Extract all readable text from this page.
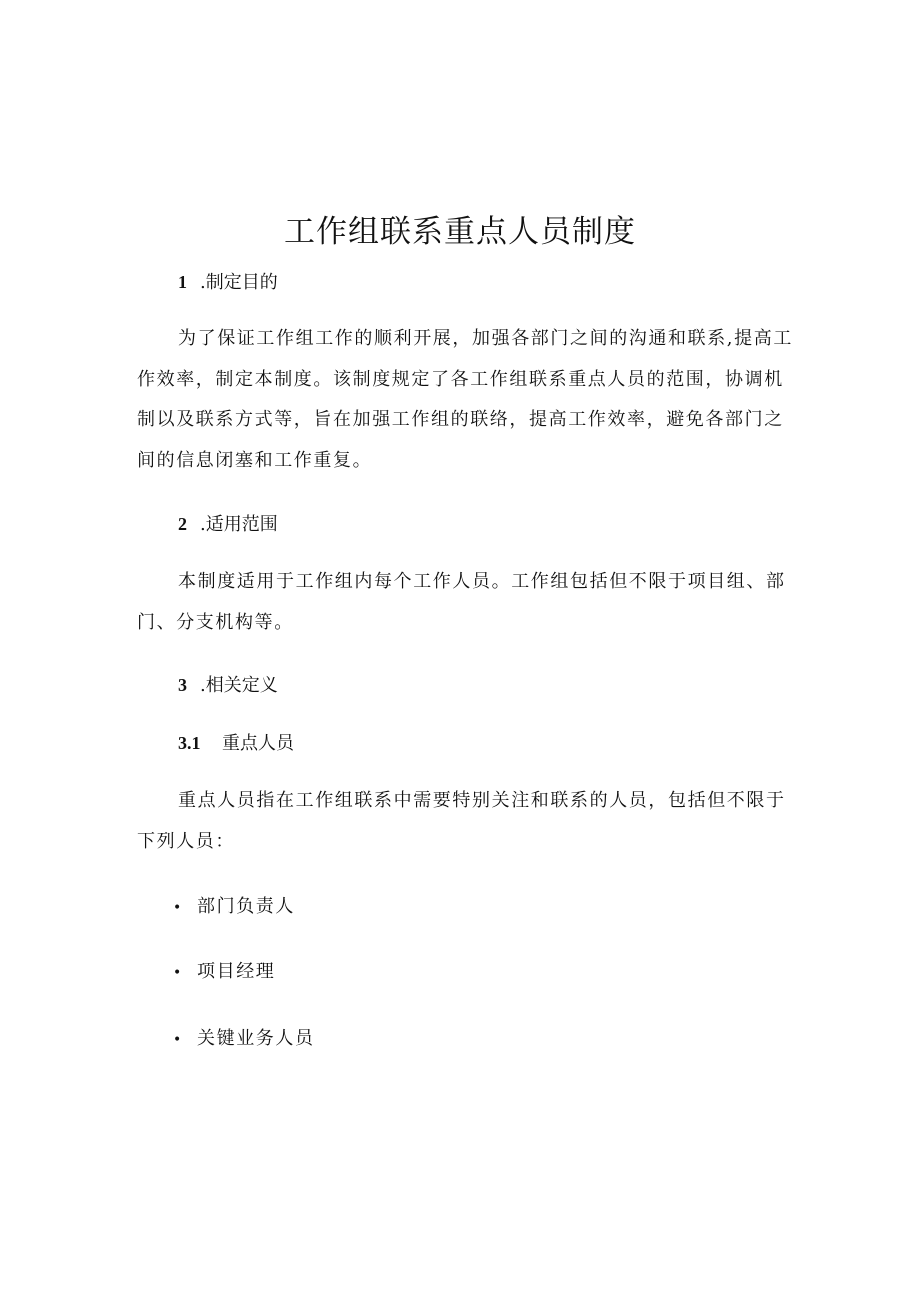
工作组联系重点人员制度
1 .制定目的

为了保证工作组工作的顺利开展，加强各部门之间的沟通和联系,提高工作效率，制定本制度。该制度规定了各工作组联系重点人员的范围，协调机制以及联系方式等，旨在加强工作组的联络，提高工作效率，避免各部门之间的信息闭塞和工作重复。

2 .适用范围

本制度适用于工作组内每个工作人员。工作组包括但不限于项目组、部门、分支机构等。

3 .相关定义
3.1 重点人员

重点人员指在工作组联系中需要特别关注和联系的人员，包括但不限于下列人员：

• 部门负责人
• 项目经理
• 关键业务人员
